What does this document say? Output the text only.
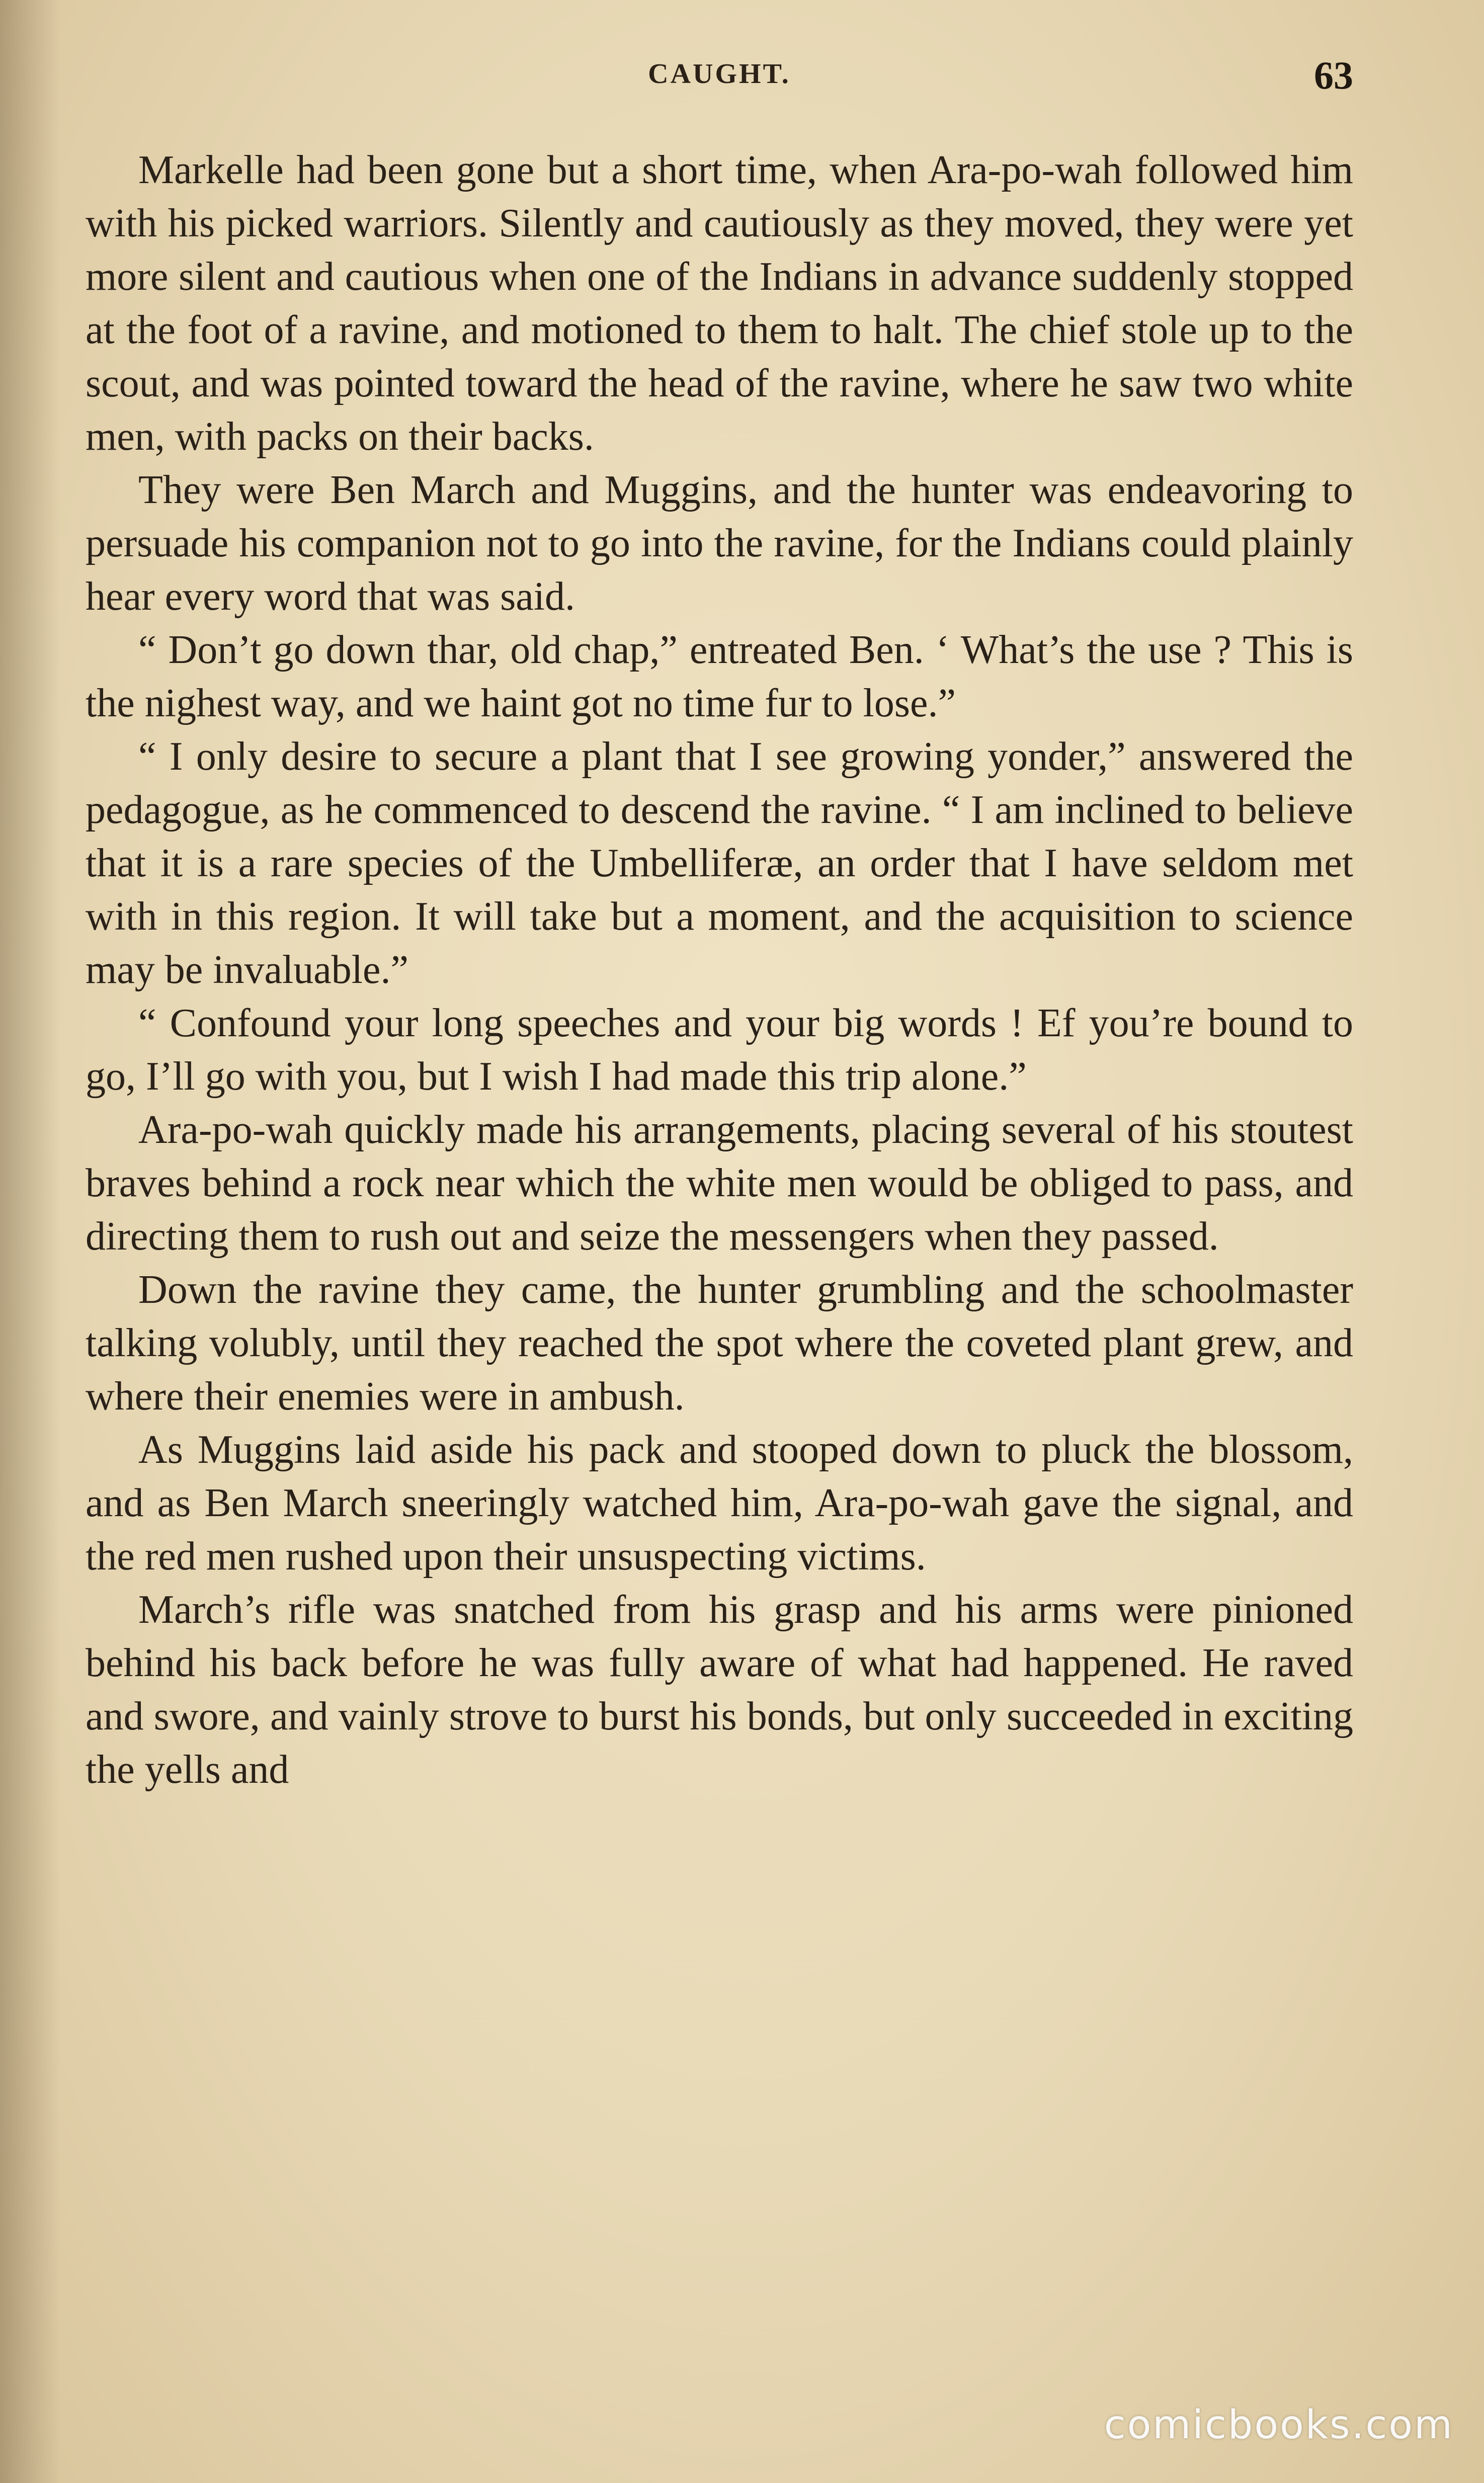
CAUGHT.	63

Markelle had been gone but a short time, when Ara-po-wah followed him with his picked warriors. Silently and cautiously as they moved, they were yet more silent and cautious when one of the Indians in advance suddenly stopped at the foot of a ravine, and motioned to them to halt. The chief stole up to the scout, and was pointed toward the head of the ravine, where he saw two white men, with packs on their backs.

They were Ben March and Muggins, and the hunter was endeavoring to persuade his companion not to go into the ravine, for the Indians could plainly hear every word that was said.

“ Don’t go down thar, old chap,” entreated Ben. ‘ What’s the use ? This is the nighest way, and we haint got no time fur to lose.”

“ I only desire to secure a plant that I see growing yonder,” answered the pedagogue, as he commenced to descend the ravine. “ I am inclined to believe that it is a rare species of the Umbelliferæ, an order that I have seldom met with in this region. It will take but a moment, and the acquisition to science may be invaluable.”

“ Confound your long speeches and your big words ! Ef you’re bound to go, I’ll go with you, but I wish I had made this trip alone.”

Ara-po-wah quickly made his arrangements, placing several of his stoutest braves behind a rock near which the white men would be obliged to pass, and directing them to rush out and seize the messengers when they passed.

Down the ravine they came, the hunter grumbling and the schoolmaster talking volubly, until they reached the spot where the coveted plant grew, and where their enemies were in ambush.

As Muggins laid aside his pack and stooped down to pluck the blossom, and as Ben March sneeringly watched him, Ara-po-wah gave the signal, and the red men rushed upon their unsuspecting victims.

March’s rifle was snatched from his grasp and his arms were pinioned behind his back before he was fully aware of what had happened. He raved and swore, and vainly strove to burst his bonds, but only succeeded in exciting the yells and

comicbooks.com
